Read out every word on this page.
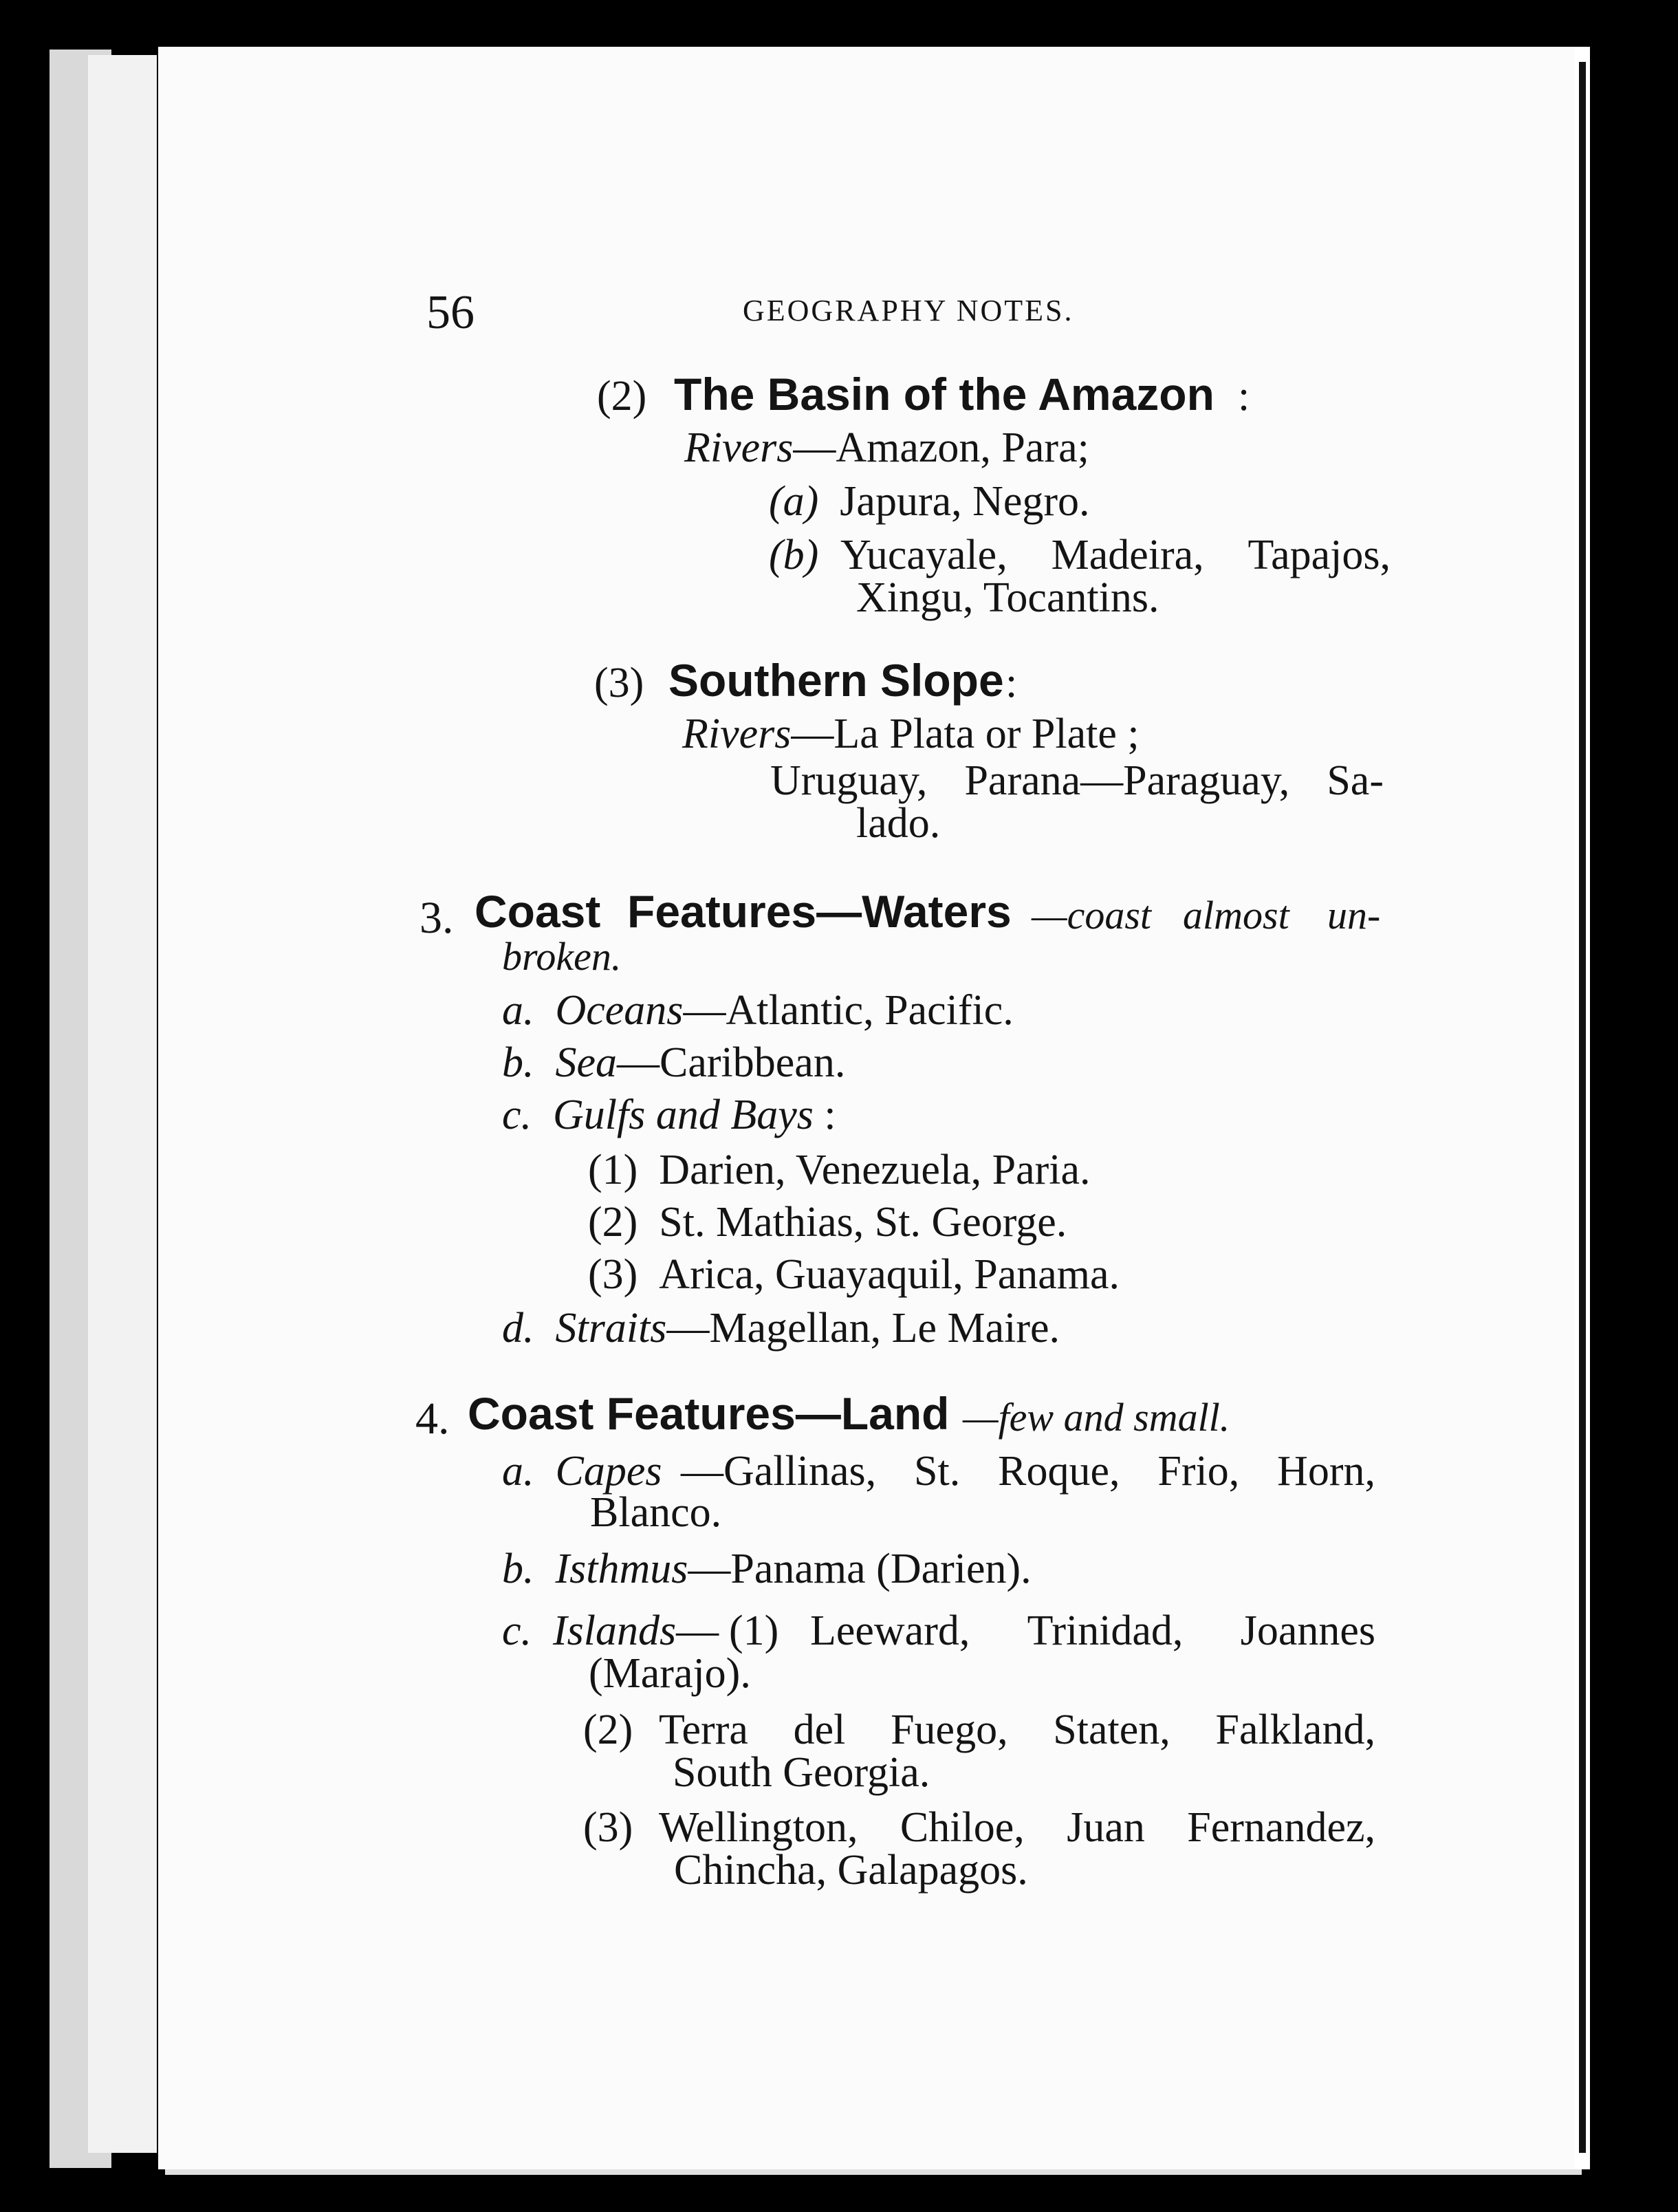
56	GEOGRAPHY NOTES.
(2) The Basin of the Amazon :
Rivers—Amazon, Para;
(a) Japura, Negro.
(b) Yucayale, Madeira, Tapajos,
Xingu, Tocantins.
(3) Southern Slope :
Rivers—La Plata or Plate ;
Uruguay, Parana—Paraguay, Sa-
lado.
3. Coast Features—Waters —coast almost un-
broken.
a. Oceans—Atlantic, Pacific.
b. Sea—Caribbean.
c. Gulfs and Bays :
(1) Darien, Venezuela, Paria.
(2) St. Mathias, St. George.
(3) Arica, Guayaquil, Panama.
d. Straits—Magellan, Le Maire.
4. Coast Features—Land —few and small.
a. Capes —Gallinas, St. Roque, Frio, Horn,
Blanco.
b. Isthmus—Panama (Darien).
c. Islands— (1) Leeward, Trinidad, Joannes
(Marajo).
(2) Terra del Fuego, Staten, Falkland,
South Georgia.
(3) Wellington, Chiloe, Juan Fernandez,
Chincha, Galapagos.
